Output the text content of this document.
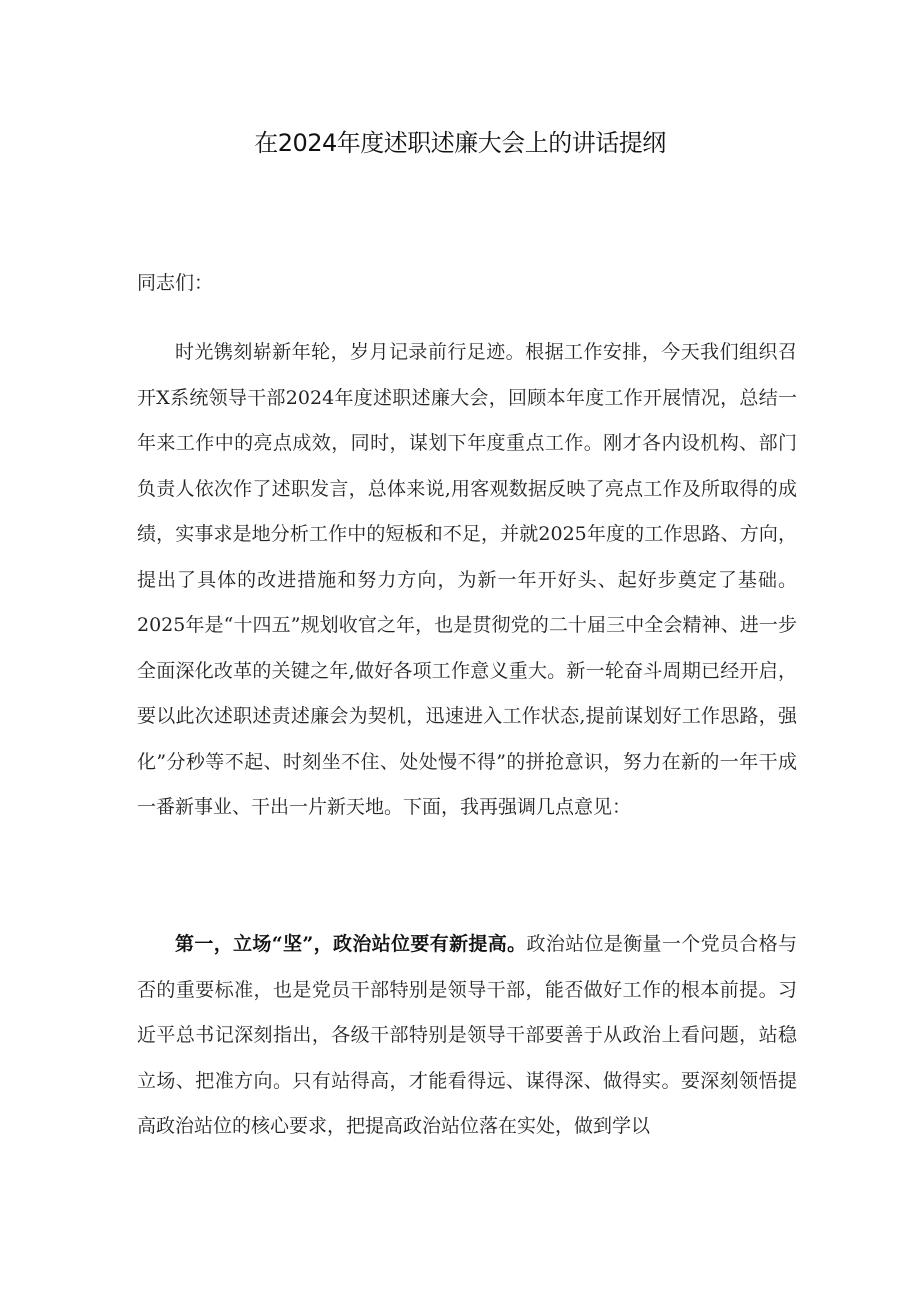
在2024年度述职述廉大会上的讲话提纲
同志们：

时光镌刻崭新年轮，岁月记录前行足迹。根据工作安排，今天我们组织召开X系统领导干部2024年度述职述廉大会，回顾本年度工作开展情况，总结一年来工作中的亮点成效，同时，谋划下年度重点工作。刚才各内设机构、部门负责人依次作了述职发言，总体来说,用客观数据反映了亮点工作及所取得的成绩，实事求是地分析工作中的短板和不足，并就2025年度的工作思路、方向，提出了具体的改进措施和努力方向，为新一年开好头、起好步奠定了基础。2025年是“十四五”规划收官之年，也是贯彻党的二十届三中全会精神、进一步全面深化改革的关键之年,做好各项工作意义重大。新一轮奋斗周期已经开启，要以此次述职述责述廉会为契机，迅速进入工作状态,提前谋划好工作思路，强化”分秒等不起、时刻坐不住、处处慢不得”的拼抢意识，努力在新的一年干成一番新事业、干出一片新天地。下面，我再强调几点意见：

第一，立场“坚”，政治站位要有新提高。政治站位是衡量一个党员合格与否的重要标准，也是党员干部特别是领导干部，能否做好工作的根本前提。习近平总书记深刻指出，各级干部特别是领导干部要善于从政治上看问题，站稳立场、把准方向。只有站得高，才能看得远、谋得深、做得实。要深刻领悟提高政治站位的核心要求，把提高政治站位落在实处，做到学以
